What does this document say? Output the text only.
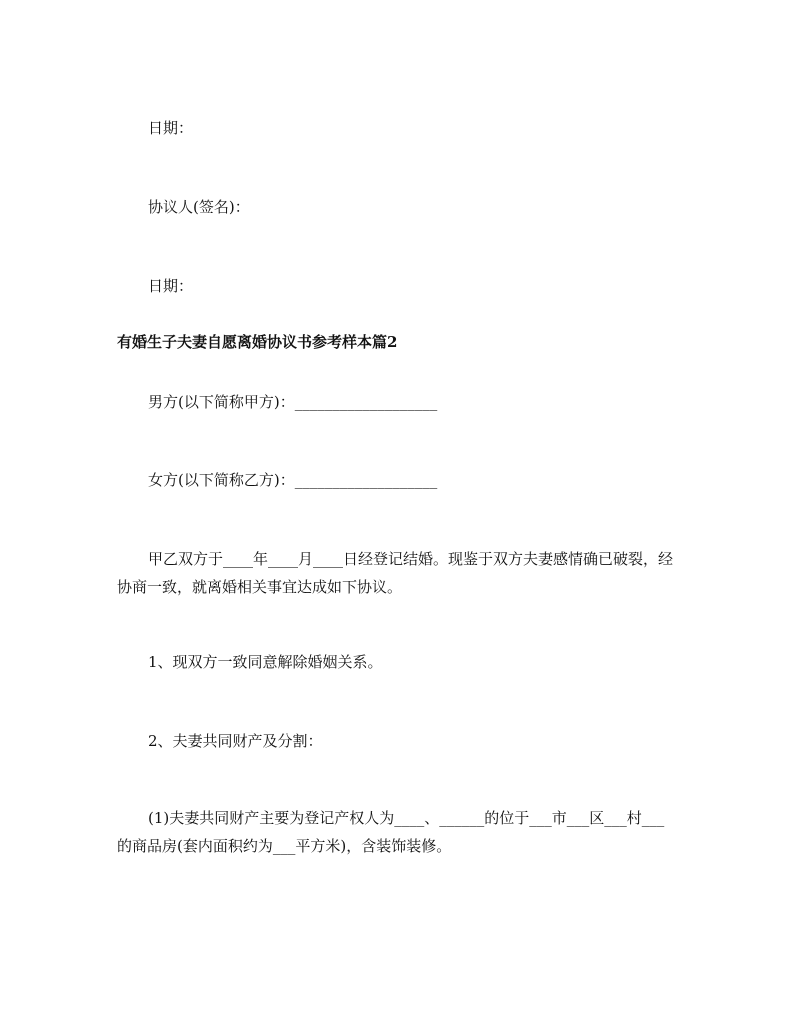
日期：
协议人(签名)：
日期：
有婚生子夫妻自愿离婚协议书参考样本篇2
男方(以下简称甲方)：___________________
女方(以下简称乙方)：___________________
甲乙双方于____年____月____日经登记结婚。现鉴于双方夫妻感情确已破裂，经协商一致，就离婚相关事宜达成如下协议。
1、现双方一致同意解除婚姻关系。
2、夫妻共同财产及分割：
(1)夫妻共同财产主要为登记产权人为____、______的位于___市___区___村___的商品房(套内面积约为___平方米)，含装饰装修。
